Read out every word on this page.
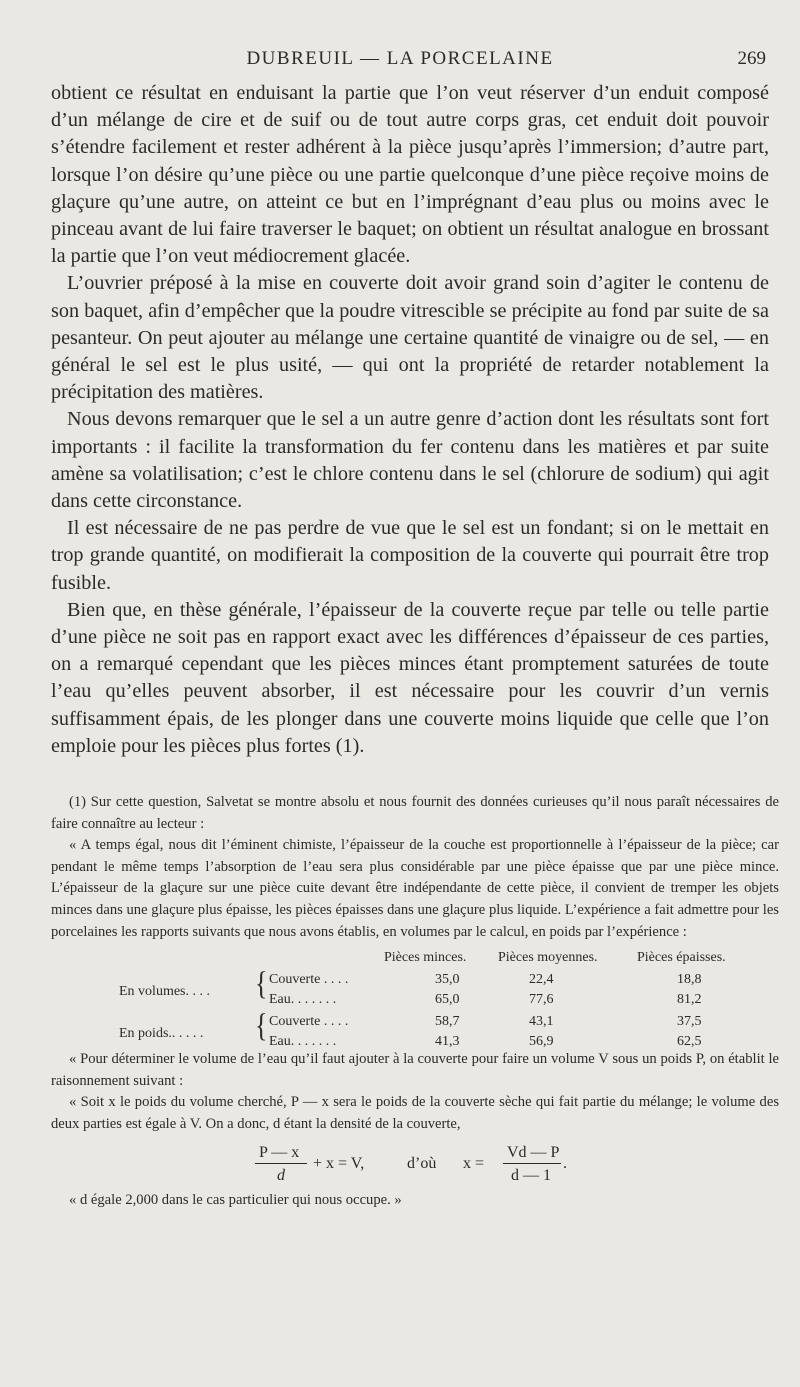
DUBREUIL — LA PORCELAINE	269

obtient ce résultat en enduisant la partie que l’on veut réserver d’un enduit composé d’un mélange de cire et de suif ou de tout autre corps gras, cet enduit doit pouvoir s’étendre facilement et rester adhérent à la pièce jusqu’après l’immersion; d’autre part, lorsque l’on désire qu’une pièce ou une partie quelconque d’une pièce reçoive moins de glaçure qu’une autre, on atteint ce but en l’imprégnant d’eau plus ou moins avec le pinceau avant de lui faire traverser le baquet; on obtient un résultat analogue en brossant la partie que l’on veut médiocrement glacée.

L’ouvrier préposé à la mise en couverte doit avoir grand soin d’agiter le contenu de son baquet, afin d’empêcher que la poudre vitrescible se précipite au fond par suite de sa pesanteur. On peut ajouter au mélange une certaine quantité de vinaigre ou de sel, — en général le sel est le plus usité, — qui ont la propriété de retarder notablement la précipitation des matières.

Nous devons remarquer que le sel a un autre genre d’action dont les résultats sont fort importants : il facilite la transformation du fer contenu dans les matières et par suite amène sa volatilisation; c’est le chlore contenu dans le sel (chlorure de sodium) qui agit dans cette circonstance.

Il est nécessaire de ne pas perdre de vue que le sel est un fondant; si on le mettait en trop grande quantité, on modifierait la composition de la couverte qui pourrait être trop fusible.

Bien que, en thèse générale, l’épaisseur de la couverte reçue par telle ou telle partie d’une pièce ne soit pas en rapport exact avec les différences d’épaisseur de ces parties, on a remarqué cependant que les pièces minces étant promptement saturées de toute l’eau qu’elles peuvent absorber, il est nécessaire pour les couvrir d’un vernis suffisamment épais, de les plonger dans une couverte moins liquide que celle que l’on emploie pour les pièces plus fortes (1).

(1) Sur cette question, Salvetat se montre absolu et nous fournit des données curieuses qu’il nous paraît nécessaires de faire connaître au lecteur :

« A temps égal, nous dit l’éminent chimiste, l’épaisseur de la couche est proportionnelle à l’épaisseur de la pièce; car pendant le même temps l’absorption de l’eau sera plus considérable par une pièce épaisse que par une pièce mince. L’épaisseur de la glaçure sur une pièce cuite devant être indépendante de cette pièce, il convient de tremper les objets minces dans une glaçure plus épaisse, les pièces épaisses dans une glaçure plus liquide. L’expérience a fait admettre pour les porcelaines les rapports suivants que nous avons établis, en volumes par le calcul, en poids par l’expérience :

Pièces minces. Pièces moyennes.	Pièces épaisses.
En volumes. . . . { Couverte . . . .	35,0	22,4	18,8
Eau. . . . . . .	65,0	77,6	81,2
En poids.. . . . . { Couverte . . . .	58,7	43,1	37,5
Eau. . . . . . .	41,3	56,9	62,5

« Pour déterminer le volume de l’eau qu’il faut ajouter à la couverte pour faire un volume V sous un poids P, on établit le raisonnement suivant :

« Soit x le poids du volume cherché, P — x sera le poids de la couverte sèche qui fait partie du mélange; le volume des deux parties est égale à V. On a donc, d étant la densité de la couverte,

P — x
d
+ x = V,	d’où x =
Vd — P
d — 1
.

« d égale 2,000 dans le cas particulier qui nous occupe. »
